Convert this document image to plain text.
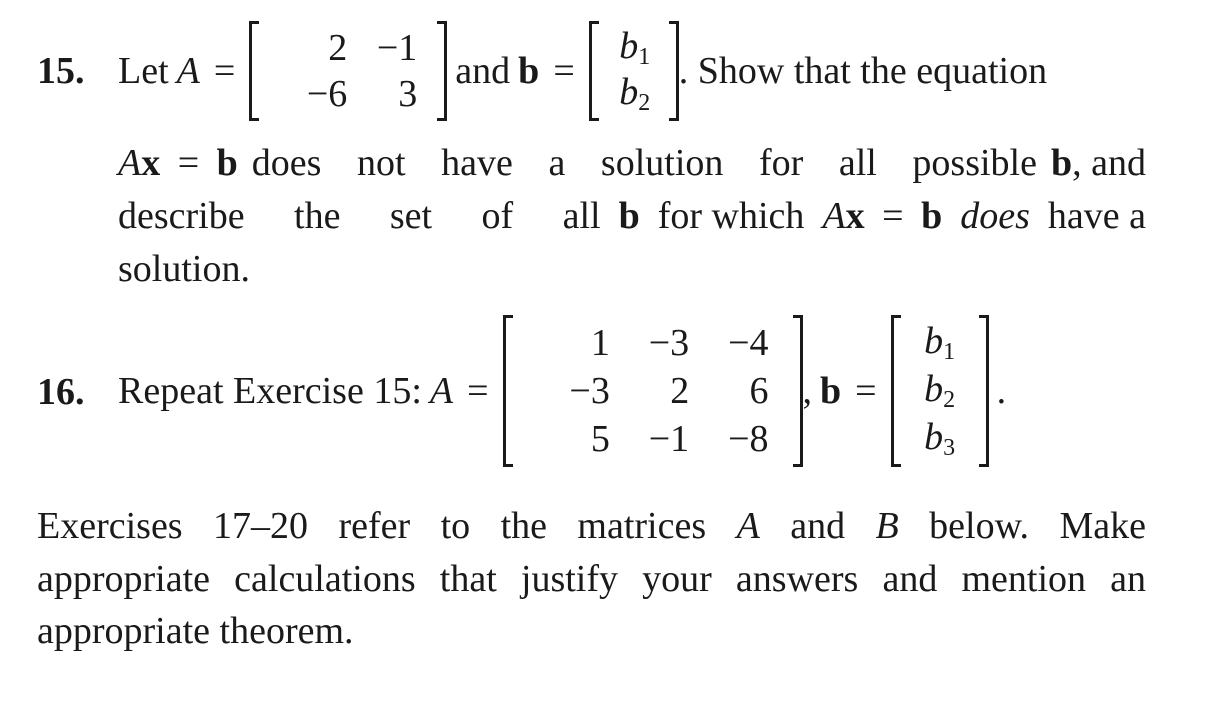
15. Let A =
2 −1
−6 3
and b =
$b_1$
$b_2$
. Show that the equation
Ax = b does not have a solution for all possible b, and
describe the set of all b for which Ax = b does have a
solution.
16. Repeat Exercise 15: A =
1 −3 −4
−3 2 6
5 −1 −8
, b =
$b_1$
$b_2$
$b_3$
.
Exercises 17–20 refer to the matrices A and B below. Make
appropriate calculations that justify your answers and mention an
appropriate theorem.
